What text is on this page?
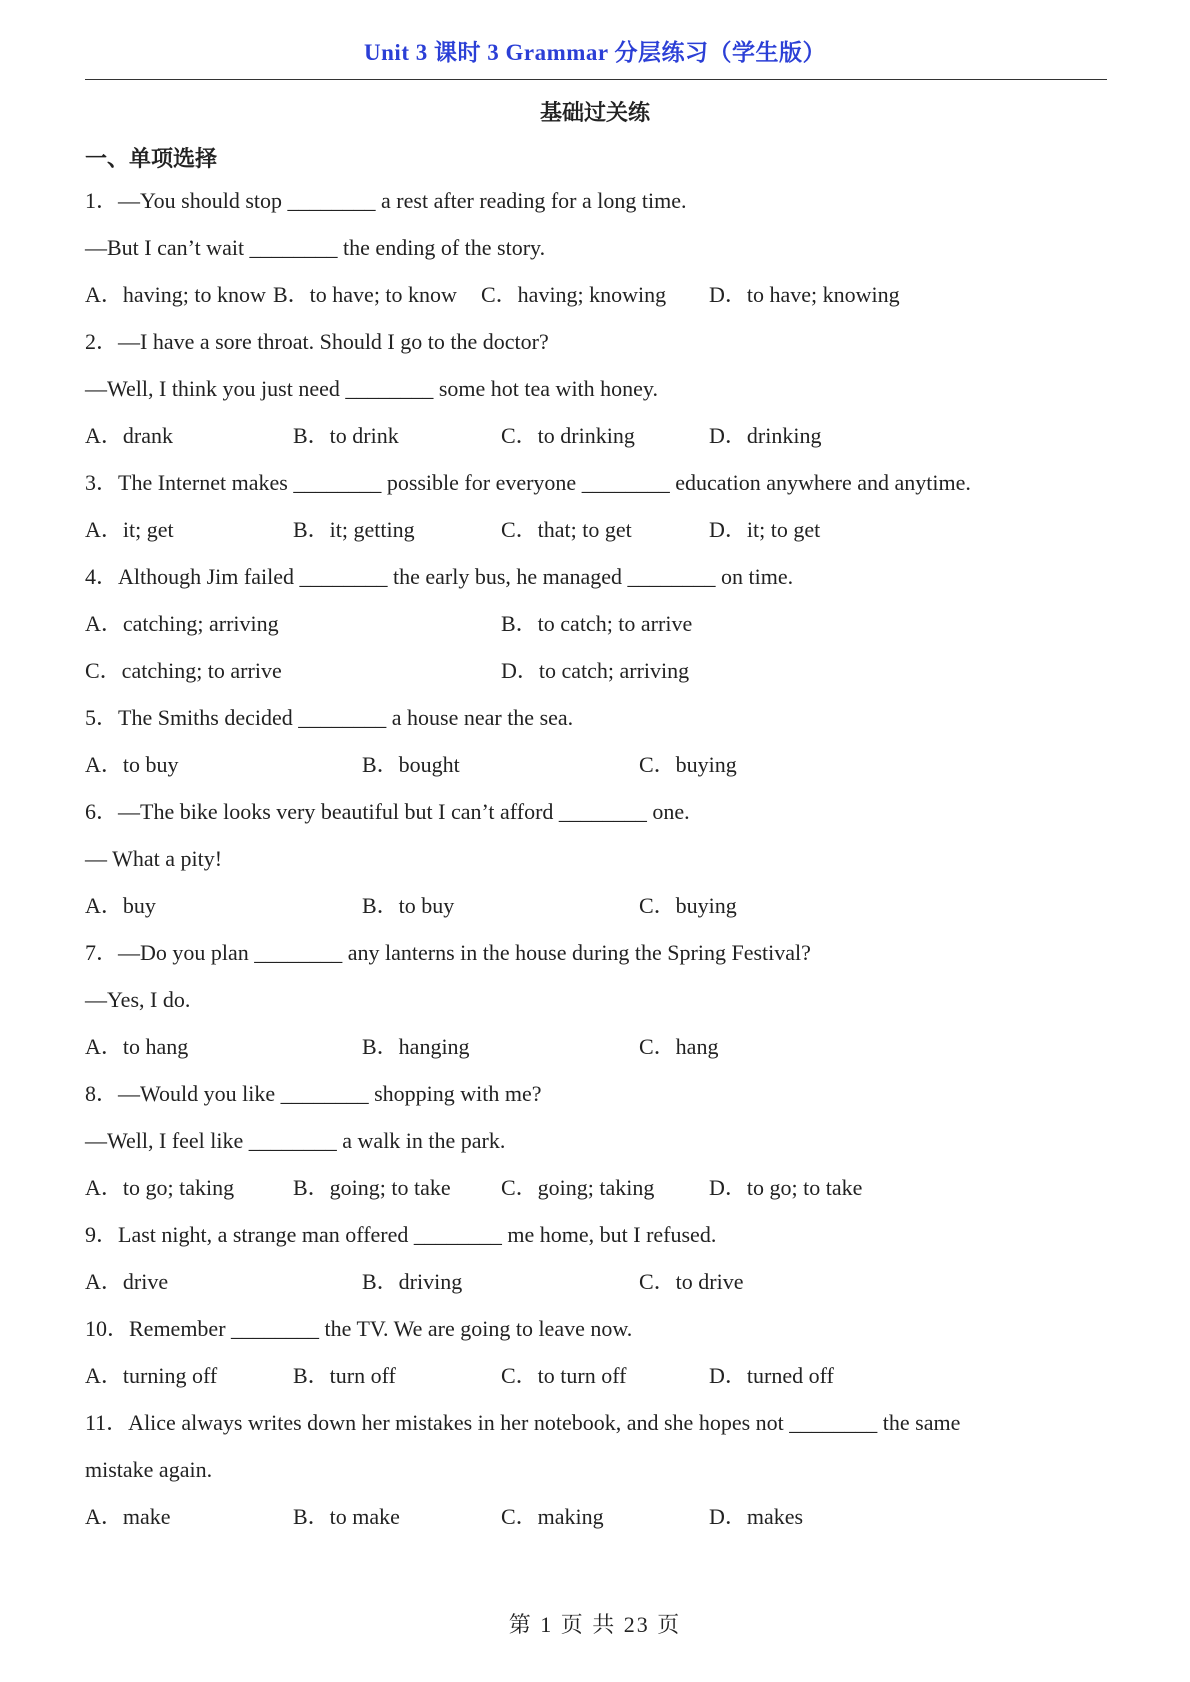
Unit 3 课时 3 Grammar 分层练习（学生版）
基础过关练
一、单项选择
1．—You should stop ________ a rest after reading for a long time.
—But I can’t wait ________ the ending of the story.
A．having; to know B．to have; to know C．having; knowing D．to have; knowing
2．—I have a sore throat. Should I go to the doctor?
—Well, I think you just need ________ some hot tea with honey.
A．drank	B．to drink	C．to drinking	D．drinking
3．The Internet makes ________ possible for everyone ________ education anywhere and anytime.
A．it; get	B．it; getting	C．that; to get	D．it; to get
4．Although Jim failed ________ the early bus, he managed ________ on time.
A．catching; arriving	B．to catch; to arrive
C．catching; to arrive	D．to catch; arriving
5．The Smiths decided ________ a house near the sea.
A．to buy	B．bought	C．buying
6．—The bike looks very beautiful but I can’t afford ________ one.
— What a pity!
A．buy	B．to buy	C．buying
7．—Do you plan ________ any lanterns in the house during the Spring Festival?
—Yes, I do.
A．to hang	B．hanging	C．hang
8．—Would you like ________ shopping with me?
—Well, I feel like ________ a walk in the park.
A．to go; taking	B．going; to take C．going; taking D．to go; to take
9．Last night, a strange man offered ________ me home, but I refused.
A．drive	B．driving	C．to drive
10．Remember ________ the TV. We are going to leave now.
A．turning off	B．turn off	C．to turn off	D．turned off
11．Alice always writes down her mistakes in her notebook, and she hopes not ________ the same
mistake again.
A．make	B．to make	C．making	D．makes
第 1 页 共 23 页
